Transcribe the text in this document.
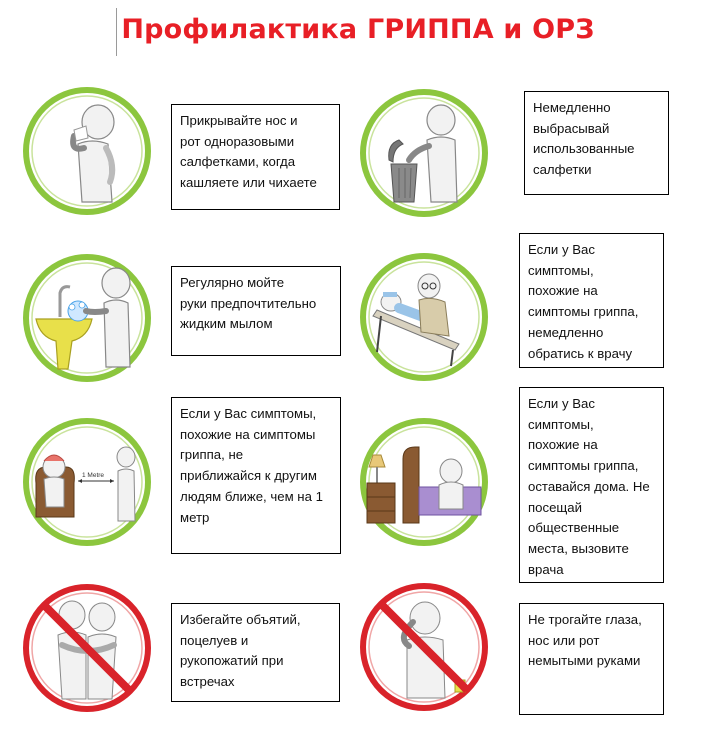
Профилактика ГРИППА и ОРЗ
1 Metre
Прикрывайте нос и
рот одноразовыми
салфетками, когда
кашляете или чихаете
Немедленно
выбрасывай
использованные
салфетки
Регулярно мойте
руки предпочтительно
жидким мылом
Если у Вас
симптомы,
похожие на
симптомы гриппа,
немедленно
обратись к врачу
Если у Вас симптомы,
похожие на симптомы
гриппа, не
приближайся к другим
людям ближе, чем на 1
метр
Если у Вас
симптомы,
похожие на
симптомы гриппа,
оставайся дома. Не
посещай
общественные
места, вызовите
врача
Избегайте объятий,
поцелуев и
рукопожатий при
встречах
Не трогайте глаза,
нос или рот
немытыми руками
